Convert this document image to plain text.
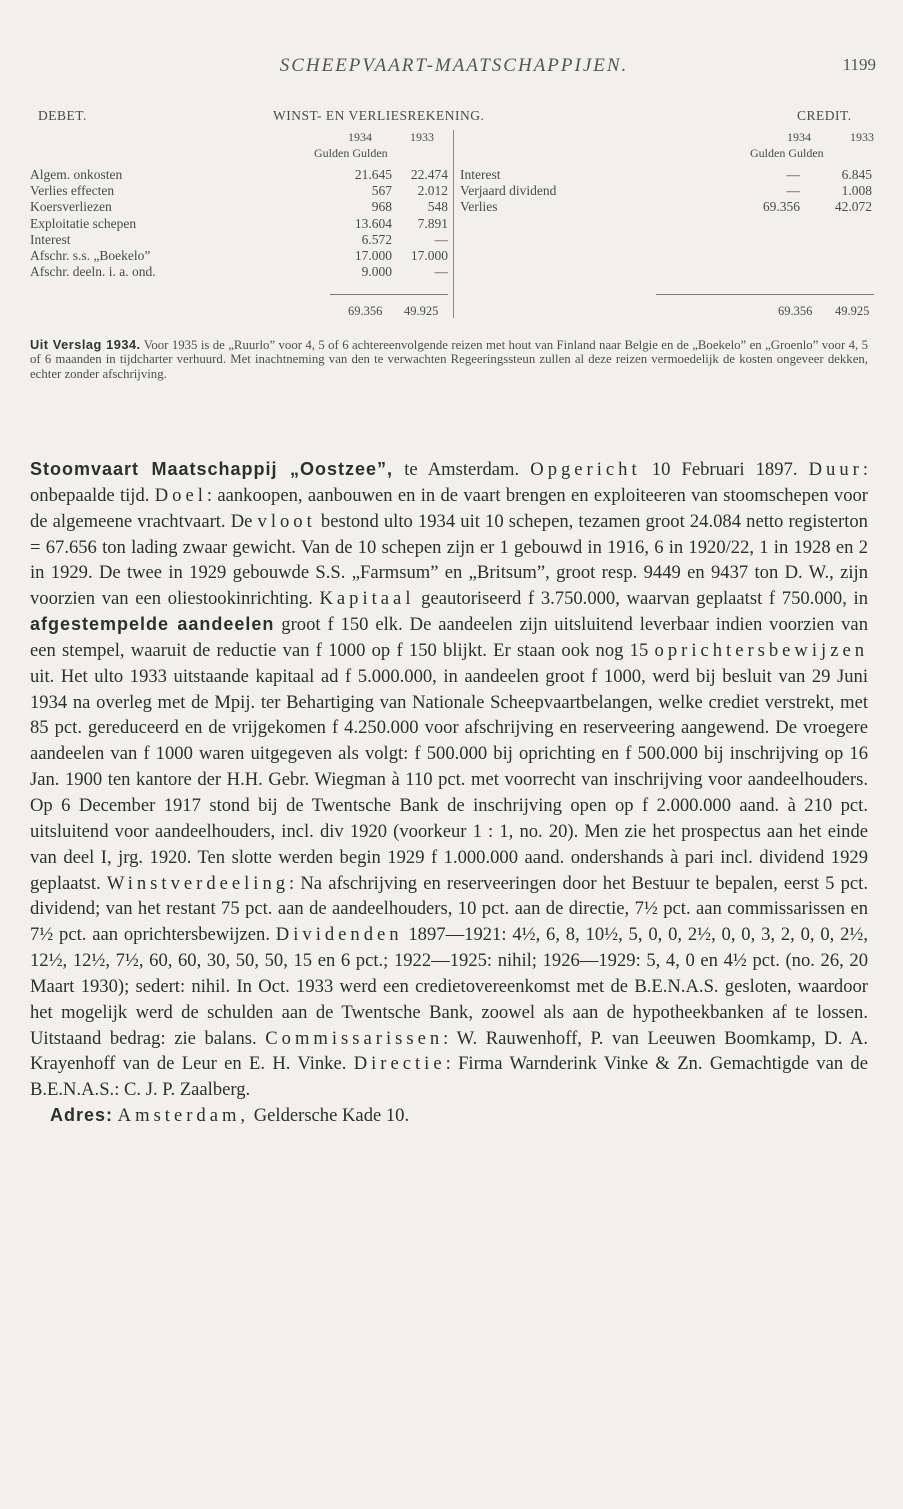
SCHEEPVAART-MAATSCHAPPIJEN.	1199
DEBET.	WINST- EN VERLIESREKENING.	CREDIT.
1934	1933
Gulden Gulden
1934	1933
Gulden Gulden
Algem. onkosten	21.645 22.474
Verlies effecten	567 2.012
Koersverliezen	968	548
Exploitatie schepen	13.604 7.891
Interest	6.572	—
Afschr. s.s. „Boekelo”	17.000 17.000
Afschr. deeln. i. a. ond.	9.000	—
Interest	—	6.845
Verjaard dividend	—	1.008
Verlies	69.356	42.072
69.356 49.925	69.356 49.925
Uit Verslag 1934. Voor 1935 is de „Ruurlo” voor 4, 5 of 6 achtereenvolgende reizen met hout van Finland naar Belgie en de „Boekelo” en „Groenlo” voor 4, 5 of 6 maanden in tijdcharter verhuurd. Met inachtneming van den te verwachten Regeeringssteun zullen al deze reizen vermoedelijk de kosten ongeveer dekken, echter zonder afschrijving.

Stoomvaart Maatschappij „Oostzee”, te Amsterdam. Opgericht 10 Februari 1897. Duur: onbepaalde tijd. Doel: aankoopen, aanbouwen en in de vaart brengen en exploiteeren van stoomschepen voor de algemeene vrachtvaart. De vloot bestond ulto 1934 uit 10 schepen, tezamen groot 24.084 netto registerton = 67.656 ton lading zwaar gewicht. Van de 10 schepen zijn er 1 gebouwd in 1916, 6 in 1920/22, 1 in 1928 en 2 in 1929. De twee in 1929 gebouwde S.S. „Farmsum” en „Britsum”, groot resp. 9449 en 9437 ton D. W., zijn voorzien van een oliestookinrichting. Kapitaal geautoriseerd f 3.750.000, waarvan geplaatst f 750.000, in afgestempelde aandeelen groot f 150 elk. De aandeelen zijn uitsluitend leverbaar indien voorzien van een stempel, waaruit de reductie van f 1000 op f 150 blijkt. Er staan ook nog 15 oprichtersbewijzen uit. Het ulto 1933 uitstaande kapitaal ad f 5.000.000, in aandeelen groot f 1000, werd bij besluit van 29 Juni 1934 na overleg met de Mpij. ter Behartiging van Nationale Scheepvaartbelangen, welke crediet verstrekt, met 85 pct. gereduceerd en de vrijgekomen f 4.250.000 voor afschrijving en reserveering aangewend. De vroegere aandeelen van f 1000 waren uitgegeven als volgt: f 500.000 bij oprichting en f 500.000 bij inschrijving op 16 Jan. 1900 ten kantore der H.H. Gebr. Wiegman à 110 pct. met voorrecht van inschrijving voor aandeelhouders. Op 6 December 1917 stond bij de Twentsche Bank de inschrijving open op f 2.000.000 aand. à 210 pct. uitsluitend voor aandeelhouders, incl. div 1920 (voorkeur 1 : 1, no. 20). Men zie het prospectus aan het einde van deel I, jrg. 1920. Ten slotte werden begin 1929 f 1.000.000 aand. ondershands à pari incl. dividend 1929 geplaatst. Winstverdeeling: Na afschrijving en reserveeringen door het Bestuur te bepalen, eerst 5 pct. dividend; van het restant 75 pct. aan de aandeelhouders, 10 pct. aan de directie, 7½ pct. aan commissarissen en 7½ pct. aan oprichtersbewijzen. Dividenden 1897—1921: 4½, 6, 8, 10½, 5, 0, 0, 2½, 0, 0, 3, 2, 0, 0, 2½, 12½, 12½, 7½, 60, 60, 30, 50, 50, 15 en 6 pct.; 1922—1925: nihil; 1926—1929: 5, 4, 0 en 4½ pct. (no. 26, 20 Maart 1930); sedert: nihil. In Oct. 1933 werd een credietovereenkomst met de B.E.N.A.S. gesloten, waardoor het mogelijk werd de schulden aan de Twentsche Bank, zoowel als aan de hypotheekbanken af te lossen. Uitstaand bedrag: zie balans. Commissarissen: W. Rauwenhoff, P. van Leeuwen Boomkamp, D. A. Krayenhoff van de Leur en E. H. Vinke. Directie: Firma Warnderink Vinke & Zn. Gemachtigde van de B.E.N.A.S.: C. J. P. Zaalberg.

Adres: Amsterdam, Geldersche Kade 10.
